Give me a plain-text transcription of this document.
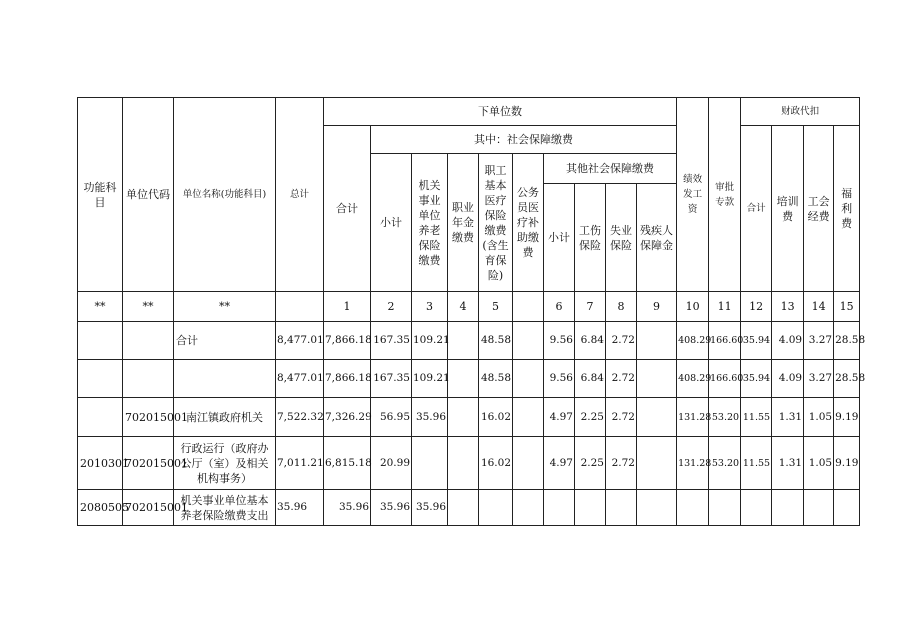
功能科目	单位代码	单位名称(功能科目)	总计	下单位数										绩效发工资	审批专款	财政代扣			
				合计	其中：社会保障缴费											合计	培训费	工会经费	福利费
					小计	机关事业单位养老保险缴费	职业年金缴费	职工基本医疗保险缴费(含生育保险)	公务员医疗补助缴费	其他社会保障缴费									
										小计	工伤保险	失业保险	残疾人保障金						

**	**	**		1	2	3	4	5		6	7	8	9	10	11	12	13	14	15
		合计	8,477.01	7,866.18	167.35	109.21		48.58		9.56	6.84	2.72		408.29	166.60	35.94	4.09	3.27	28.58
			8,477.01	7,866.18	167.35	109.21		48.58		9.56	6.84	2.72		408.29	166.60	35.94	4.09	3.27	28.58
	702015001	南江镇政府机关	7,522.32	7,326.29	56.95	35.96		16.02		4.97	2.25	2.72		131.28	53.20	11.55	1.31	1.05	9.19
2010301	702015001	行政运行（政府办公厅（室）及相关机构事务）	7,011.21	6,815.18	20.99			16.02		4.97	2.25	2.72		131.28	53.20	11.55	1.31	1.05	9.19
2080505	702015001	机关事业单位基本养老保险缴费支出	35.96	35.96	35.96	35.96													
